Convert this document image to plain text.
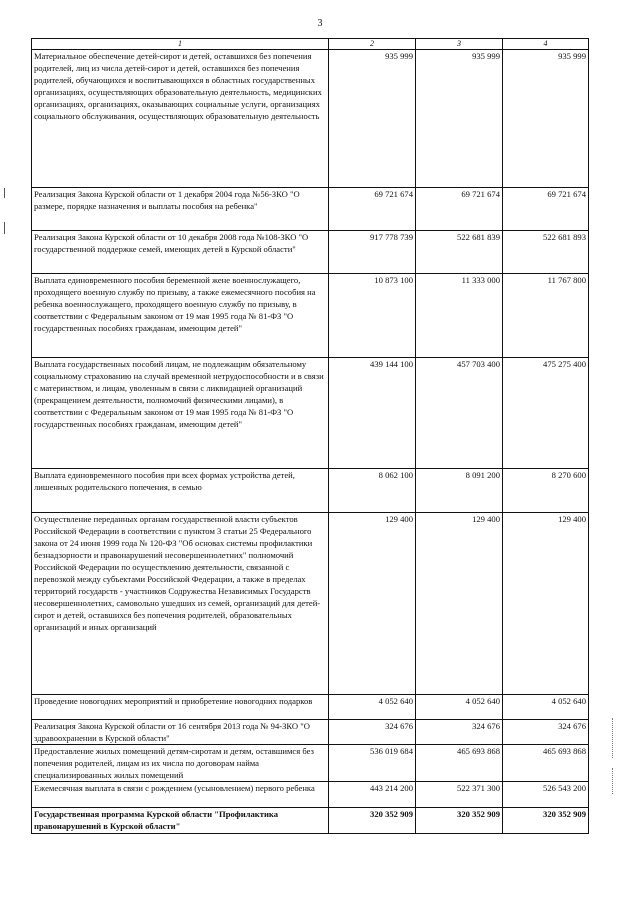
3
1	2	3	4
Материальное обеспечение детей-сирот и детей, оставшихся без попечения родителей, лиц из числа детей-сирот и детей, оставшихся без попечения родителей, обучающихся и воспитывающихся в областных государственных организациях, осуществляющих образовательную деятельность, медицинских организациях, организациях, оказывающих социальные услуги, организациях социального обслуживания, осуществляющих образовательную деятельность	935 999	935 999	935 999
Реализация Закона Курской области от 1 декабря 2004 года №56-ЗКО "О размере, порядке назначения и выплаты пособия на ребенка"	69 721 674	69 721 674	69 721 674
Реализация Закона Курской области от 10 декабря 2008 года №108-ЗКО "О государственной поддержке семей, имеющих детей в Курской области"	917 778 739	522 681 839	522 681 893
Выплата единовременного пособия беременной жене военнослужащего, проходящего военную службу по призыву, а также ежемесячного пособия на ребенка военнослужащего, проходящего военную службу по призыву, в соответствии с Федеральным законом от 19 мая 1995 года № 81-ФЗ "О государственных пособиях гражданам, имеющим детей"	10 873 100	11 333 000	11 767 800
Выплата государственных пособий лицам, не подлежащим обязательному социальному страхованию на случай временной нетрудоспособности и в связи с материнством, и лицам, уволенным в связи с ликвидацией организаций (прекращением деятельности, полномочий физическими лицами), в соответствии с Федеральным законом от 19 мая 1995 года № 81-ФЗ "О государственных пособиях гражданам, имеющим детей"	439 144 100	457 703 400	475 275 400
Выплата единовременного пособия при всех формах устройства детей, лишенных родительского попечения, в семью	8 062 100	8 091 200	8 270 600
Осуществление переданных органам государственной власти субъектов Российской Федерации в соответствии с пунктом 3 статьи 25 Федерального закона от 24 июня 1999 года № 120-ФЗ "Об основах системы профилактики безнадзорности и правонарушений несовершеннолетних" полномочий Российской Федерации по осуществлению деятельности, связанной с перевозкой между субъектами Российской Федерации, а также в пределах территорий государств - участников Содружества Независимых Государств несовершеннолетних, самовольно ушедших из семей, организаций для детей-сирот и детей, оставшихся без попечения родителей, образовательных организаций и иных организаций	129 400	129 400	129 400
Проведение новогодних мероприятий и приобретение новогодних подарков	4 052 640	4 052 640	4 052 640
Реализация Закона Курской области от 16 сентября 2013 года № 94-ЗКО "О здравоохранении в Курской области"	324 676	324 676	324 676
Предоставление жилых помещений детям-сиротам и детям, оставшимся без попечения родителей, лицам из их числа по договорам найма специализированных жилых помещений	536 019 684	465 693 868	465 693 868
Ежемесячная выплата в связи с рождением (усыновлением) первого ребенка	443 214 200	522 371 300	526 543 200
Государственная программа Курской области "Профилактика правонарушений в Курской области"	320 352 909	320 352 909	320 352 909
